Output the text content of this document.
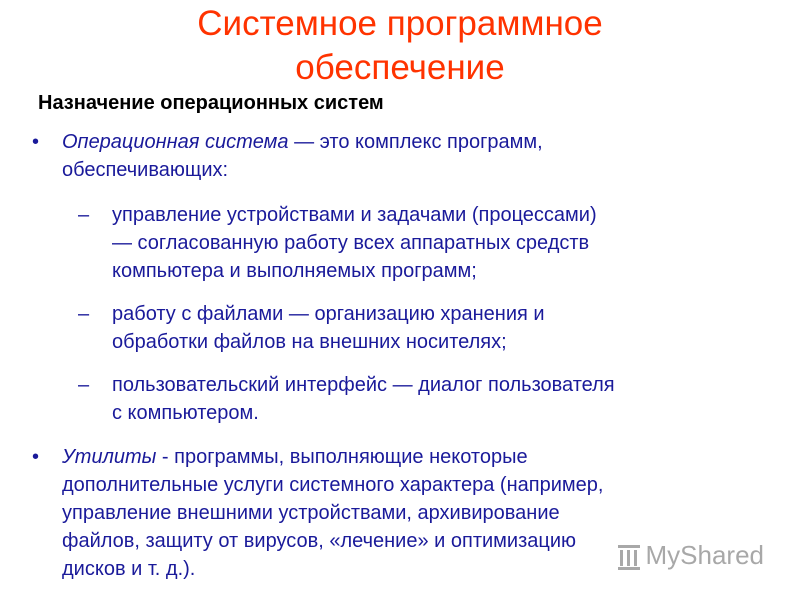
Системное программное
обеспечение
Назначение операционных систем
• Операционная система — это комплекс программ,
обеспечивающих:
– управление устройствами и задачами (процессами)
— согласованную работу всех аппаратных средств
компьютера и выполняемых программ;
– работу с файлами — организацию хранения и
обработки файлов на внешних носителях;
– пользовательский интерфейс — диалог пользователя
с компьютером.
• Утилиты - программы, выполняющие некоторые
дополнительные услуги системного характера (например,
управление внешними устройствами, архивирование
файлов, защиту от вирусов, «лечение» и оптимизацию
дисков и т. д.).	MyShared
